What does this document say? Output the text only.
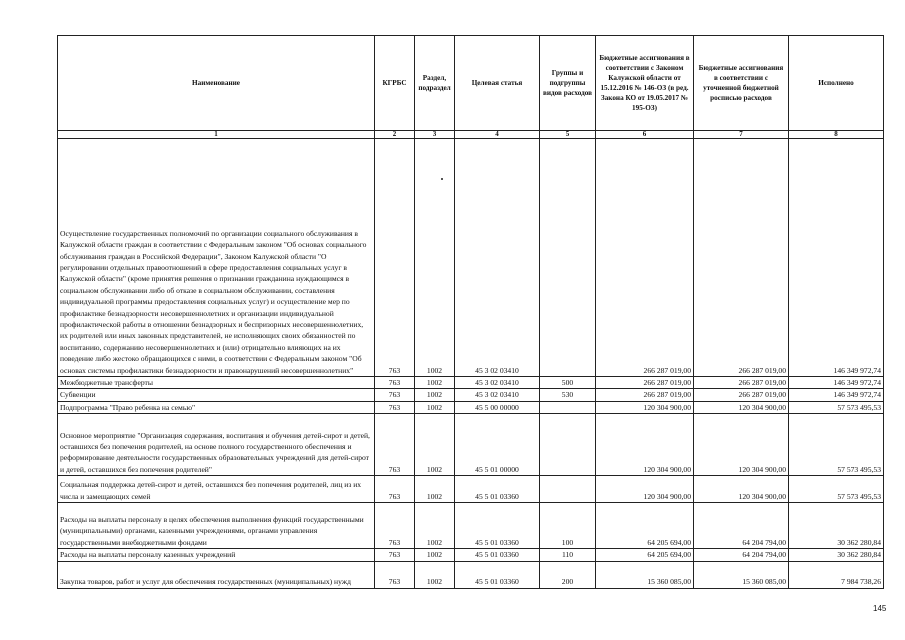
Наименование	КГРБС	Раздел, подраздел	Целевая статья	Группы и подгруппы видов расходов	Бюджетные ассигнования в соответствии с Законом Калужской области от 15.12.2016 № 146-ОЗ (в ред. Закона КО от 19.05.2017 № 195-ОЗ)	Бюджетные ассигнования в соответствии с уточненной бюджетной росписью расходов	Исполнено
1	2	3	4	5	6	7	8
Осуществление государственных полномочий по организации социального обслуживания в Калужской области граждан в соответствии с Федеральным законом "Об основах социального обслуживания граждан в Российской Федерации", Законом Калужской области "О регулировании отдельных правоотношений в сфере предоставления социальных услуг в Калужской области" (кроме принятия решения о признании гражданина нуждающимся в социальном обслуживании либо об отказе в социальном обслуживании, составления индивидуальной программы предоставления социальных услуг) и осуществление мер по профилактике безнадзорности несовершеннолетних и организации индивидуальной профилактической работы в отношении безнадзорных и беспризорных несовершеннолетних, их родителей или иных законных представителей, не исполняющих своих обязанностей по воспитанию, содержанию несовершеннолетних и (или) отрицательно влияющих на их поведение либо жестоко обращающихся с ними, в соответствии с Федеральным законом "Об основах системы профилактики безнадзорности и правонарушений несовершеннолетних"	763	1002	45 3 02 03410		266 287 019,00	266 287 019,00	146 349 972,74
Межбюджетные трансферты	763	1002	45 3 02 03410	500	266 287 019,00	266 287 019,00	146 349 972,74
Субвенции	763	1002	45 3 02 03410	530	266 287 019,00	266 287 019,00	146 349 972,74
Подпрограмма "Право ребенка на семью"	763	1002	45 5 00 00000		120 304 900,00	120 304 900,00	57 573 495,53
Основное мероприятие "Организация содержания, воспитания и обучения детей-сирот и детей, оставшихся без попечения родителей, на основе полного государственного обеспечения и реформирование деятельности государственных образовательных учреждений для детей-сирот и детей, оставшихся без попечения родителей"	763	1002	45 5 01 00000		120 304 900,00	120 304 900,00	57 573 495,53
Социальная поддержка детей-сирот и детей, оставшихся без попечения родителей, лиц из их числа и замещающих семей	763	1002	45 5 01 03360		120 304 900,00	120 304 900,00	57 573 495,53
Расходы на выплаты персоналу в целях обеспечения выполнения функций государственными (муниципальными) органами, казенными учреждениями, органами управления государственными внебюджетными фондами	763	1002	45 5 01 03360	100	64 205 694,00	64 204 794,00	30 362 280,84
Расходы на выплаты персоналу казенных учреждений	763	1002	45 5 01 03360	110	64 205 694,00	64 204 794,00	30 362 280,84
Закупка товаров, работ и услуг для обеспечения государственных (муниципальных) нужд	763	1002	45 5 01 03360	200	15 360 085,00	15 360 085,00	7 984 738,26
145
